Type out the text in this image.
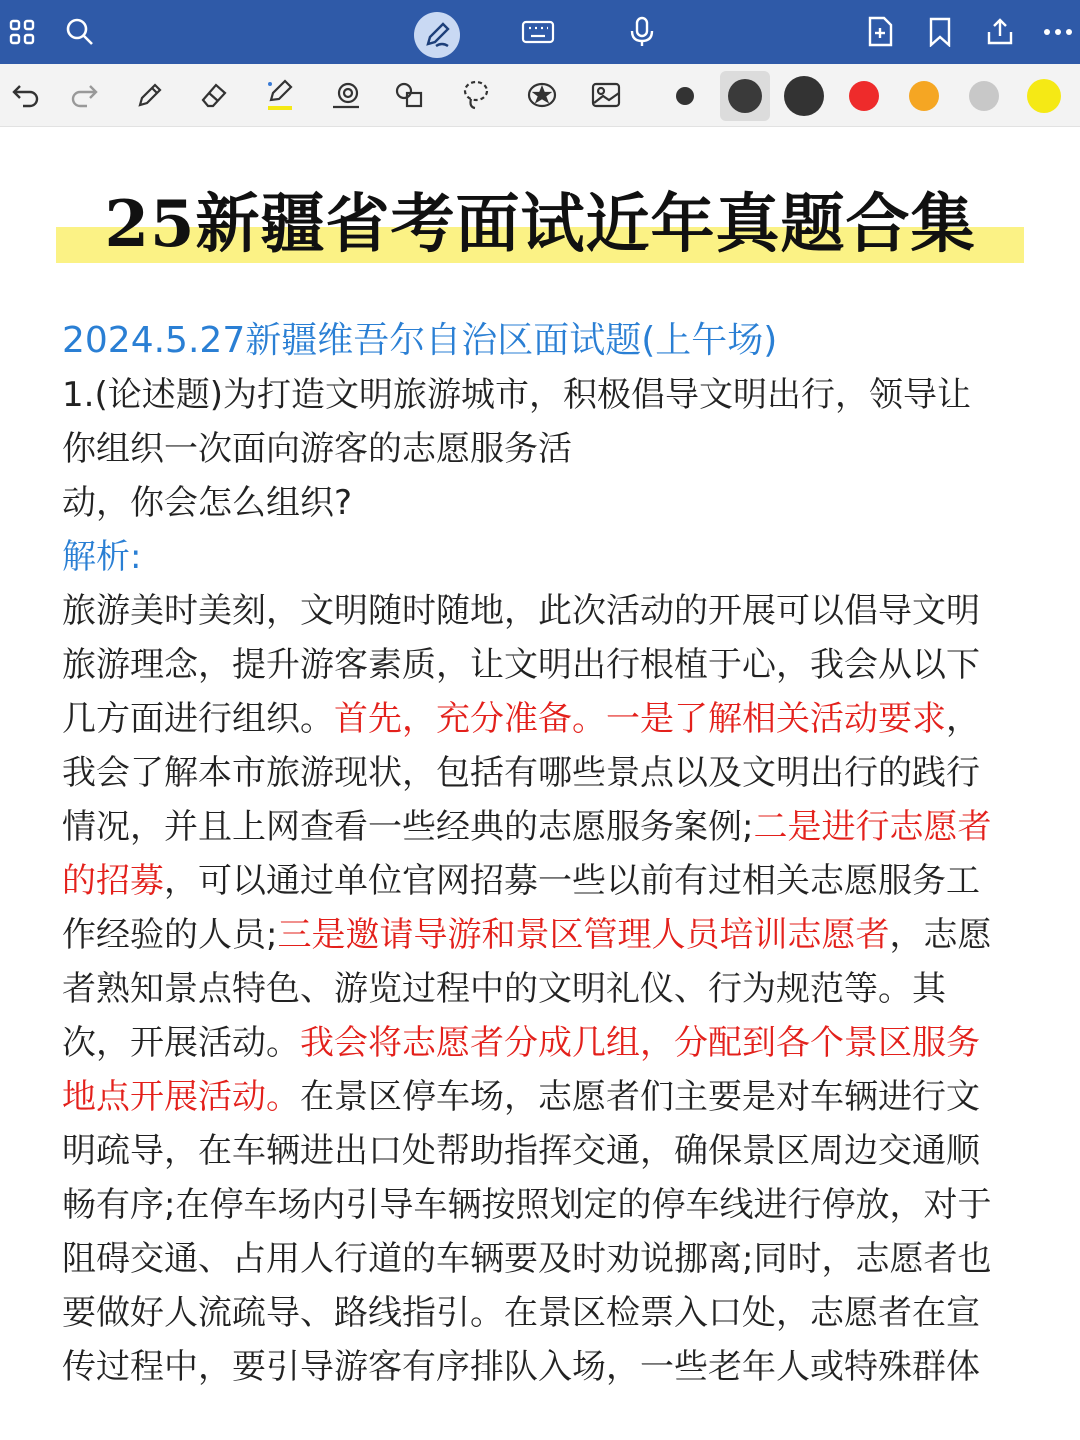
25新疆省考面试近年真题合集

2024.5.27新疆维吾尔自治区面试题(上午场)

1.(论述题)为打造文明旅游城市，积极倡导文明出行，领导让

你组织一次面向游客的志愿服务活

动，你会怎么组织?

解析:

旅游美时美刻，文明随时随地，此次活动的开展可以倡导文明

旅游理念，提升游客素质，让文明出行根植于心，我会从以下

几方面进行组织。首先，充分准备。一是了解相关活动要求，

我会了解本市旅游现状，包括有哪些景点以及文明出行的践行

情况，并且上网查看一些经典的志愿服务案例;二是进行志愿者

的招募，可以通过单位官网招募一些以前有过相关志愿服务工

作经验的人员;三是邀请导游和景区管理人员培训志愿者，志愿

者熟知景点特色、游览过程中的文明礼仪、行为规范等。其

次，开展活动。我会将志愿者分成几组，分配到各个景区服务

地点开展活动。在景区停车场，志愿者们主要是对车辆进行文

明疏导，在车辆进出口处帮助指挥交通，确保景区周边交通顺

畅有序;在停车场内引导车辆按照划定的停车线进行停放，对于

阻碍交通、占用人行道的车辆要及时劝说挪离;同时，志愿者也

要做好人流疏导、路线指引。在景区检票入口处，志愿者在宣

传过程中，要引导游客有序排队入场，一些老年人或特殊群体
